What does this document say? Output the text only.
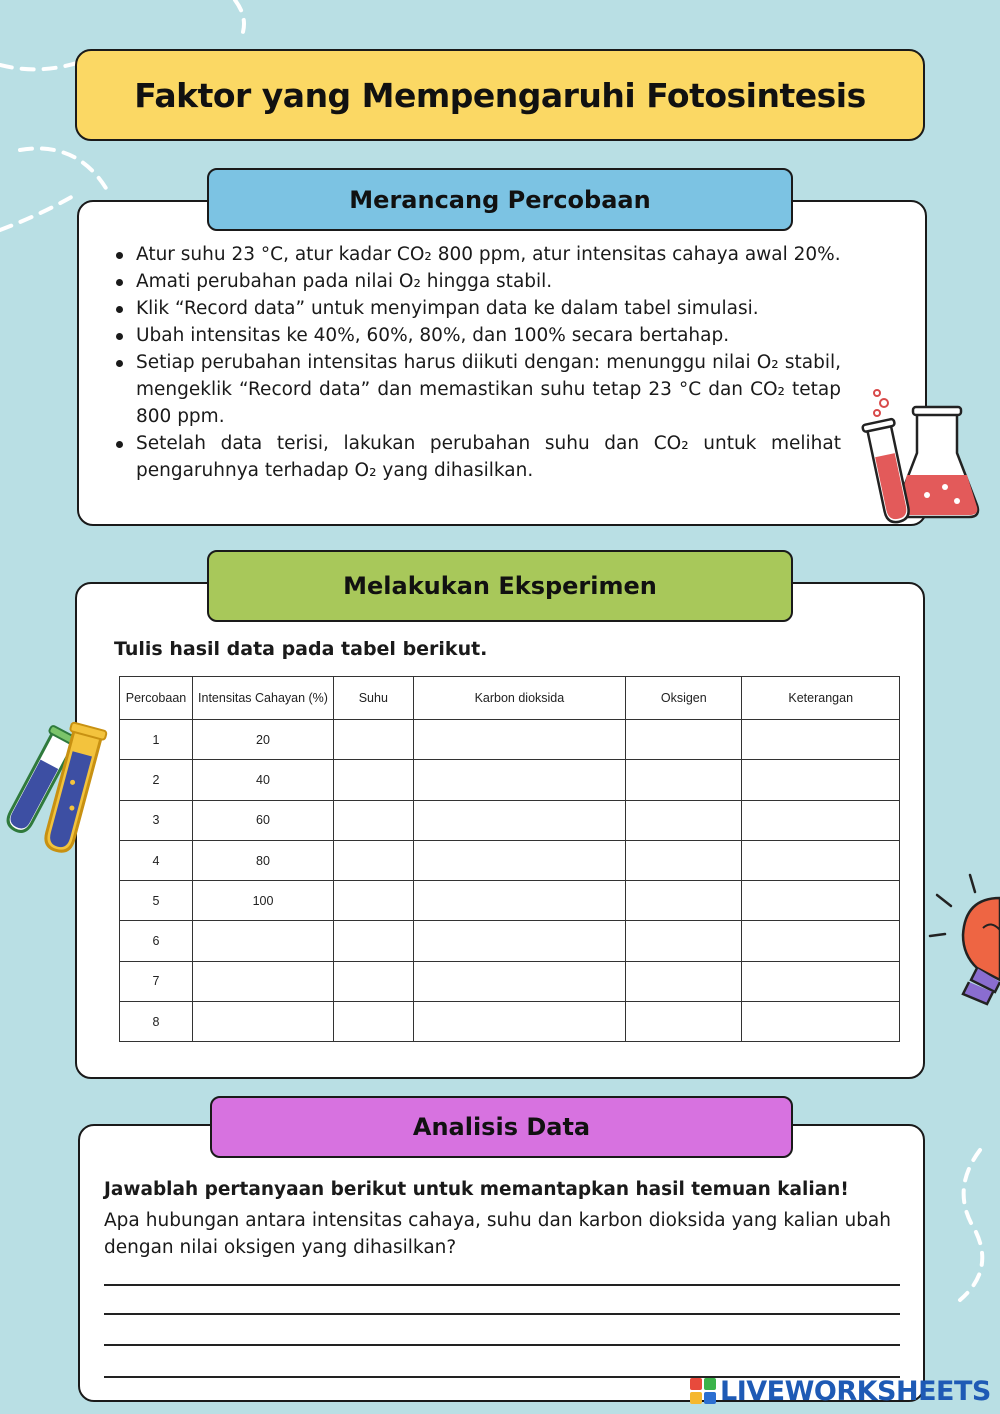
Faktor yang Mempengaruhi Fotosintesis
Merancang Percobaan
Atur suhu 23 °C, atur kadar CO₂ 800 ppm, atur intensitas cahaya awal 20%.
Amati perubahan pada nilai O₂ hingga stabil.
Klik “Record data” untuk menyimpan data ke dalam tabel simulasi.
Ubah intensitas ke 40%, 60%, 80%, dan 100% secara bertahap.
Setiap perubahan intensitas harus diikuti dengan: menunggu nilai O₂ stabil, mengeklik “Record data” dan memastikan suhu tetap 23 °C dan CO₂ tetap 800 ppm.
Setelah data terisi, lakukan perubahan suhu dan CO₂ untuk melihat pengaruhnya terhadap O₂ yang dihasilkan.
Melakukan Eksperimen
Tulis hasil data pada tabel berikut.
Percobaan	Intensitas Cahayan (%)	Suhu	Karbon dioksida	Oksigen	Keterangan
1	20				
2	40				
3	60				
4	80				
5	100				
6					
7					
8					
Analisis Data
Jawablah pertanyaan berikut untuk memantapkan hasil temuan kalian!
Apa hubungan antara intensitas cahaya, suhu dan karbon dioksida yang kalian ubah dengan nilai oksigen yang dihasilkan?
LIVEWORKSHEETS
